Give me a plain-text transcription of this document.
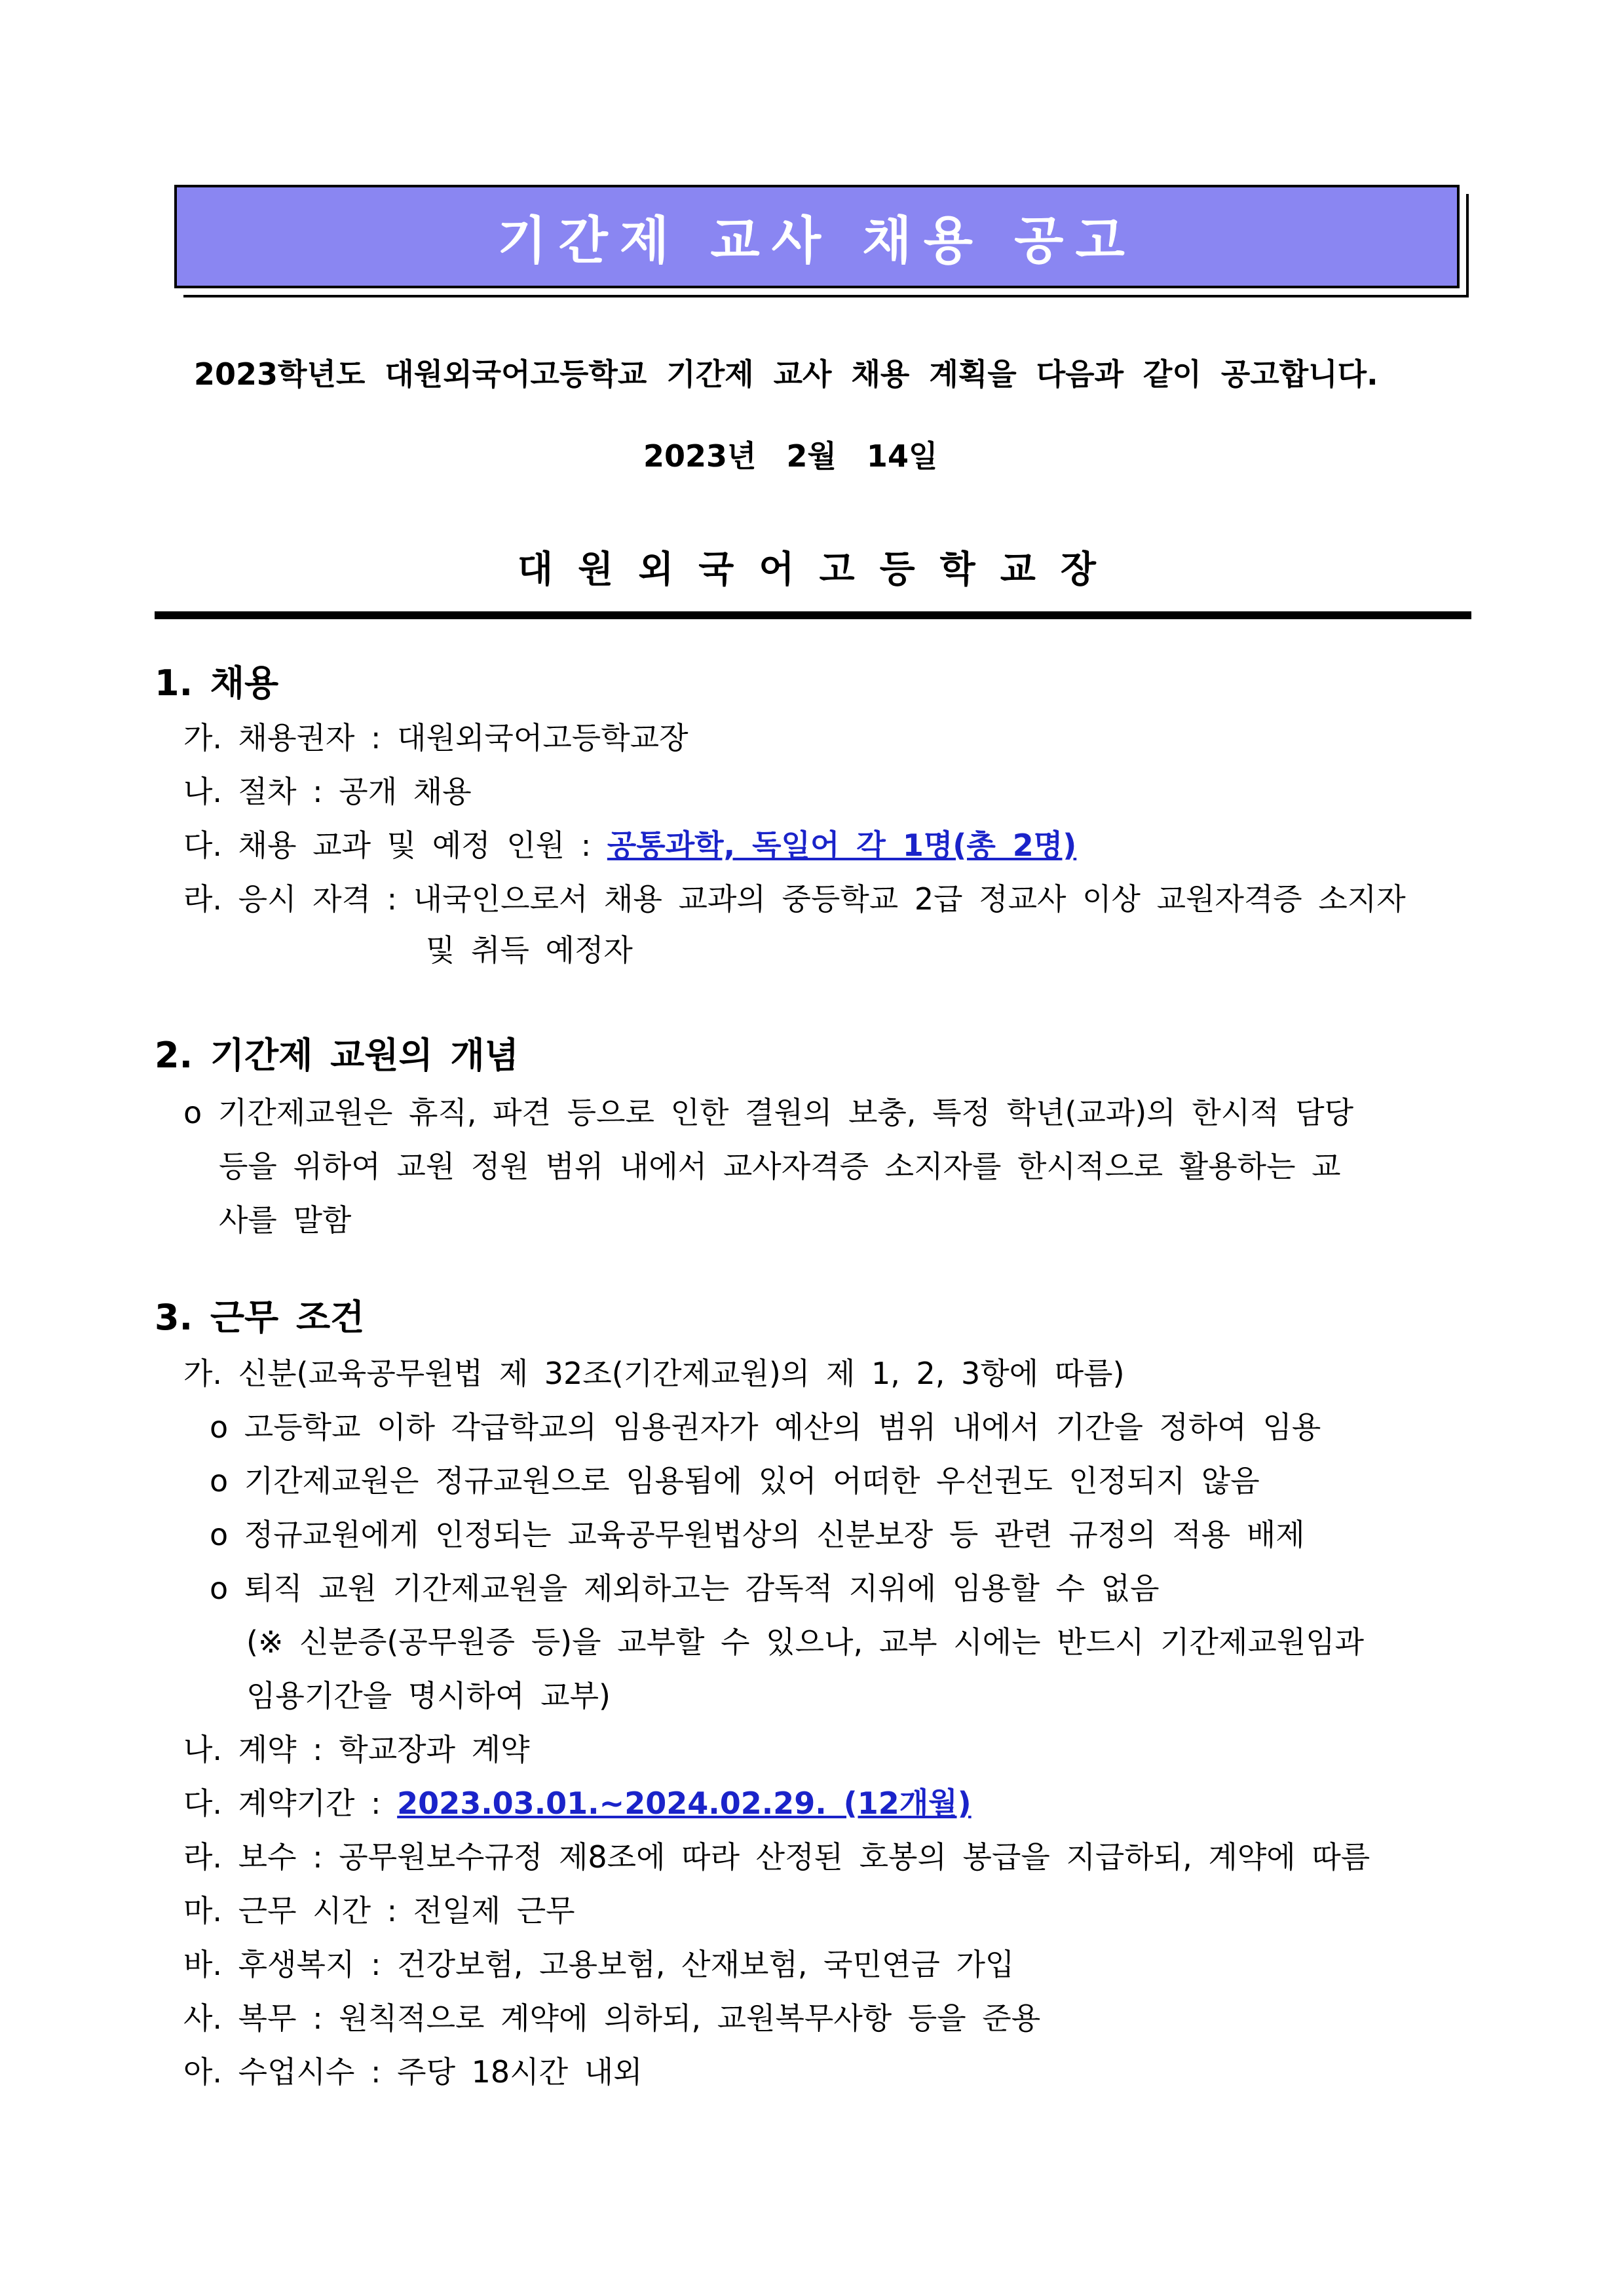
기간제 교사 채용 공고
2023학년도 대원외국어고등학교 기간제 교사 채용 계획을 다음과 같이 공고합니다.
2023년 2월 14일
대원외국어고등학교장
1. 채용
가. 채용권자 : 대원외국어고등학교장
나. 절차 : 공개 채용
다. 채용 교과 및 예정 인원 : 공통과학, 독일어 각 1명(총 2명)
라. 응시 자격 : 내국인으로서 채용 교과의 중등학교 2급 정교사 이상 교원자격증 소지자
및 취득 예정자
2. 기간제 교원의 개념
o 기간제교원은 휴직, 파견 등으로 인한 결원의 보충, 특정 학년(교과)의 한시적 담당
등을 위하여 교원 정원 범위 내에서 교사자격증 소지자를 한시적으로 활용하는 교
사를 말함
3. 근무 조건
가. 신분(교육공무원법 제 32조(기간제교원)의 제 1, 2, 3항에 따름)
o 고등학교 이하 각급학교의 임용권자가 예산의 범위 내에서 기간을 정하여 임용
o 기간제교원은 정규교원으로 임용됨에 있어 어떠한 우선권도 인정되지 않음
o 정규교원에게 인정되는 교육공무원법상의 신분보장 등 관련 규정의 적용 배제
o 퇴직 교원 기간제교원을 제외하고는 감독적 지위에 임용할 수 없음
(※ 신분증(공무원증 등)을 교부할 수 있으나, 교부 시에는 반드시 기간제교원임과
임용기간을 명시하여 교부)
나. 계약 : 학교장과 계약
다. 계약기간 : 2023.03.01.~2024.02.29. (12개월)
라. 보수 : 공무원보수규정 제8조에 따라 산정된 호봉의 봉급을 지급하되, 계약에 따름
마. 근무 시간 : 전일제 근무
바. 후생복지 : 건강보험, 고용보험, 산재보험, 국민연금 가입
사. 복무 : 원칙적으로 계약에 의하되, 교원복무사항 등을 준용
아. 수업시수 : 주당 18시간 내외
